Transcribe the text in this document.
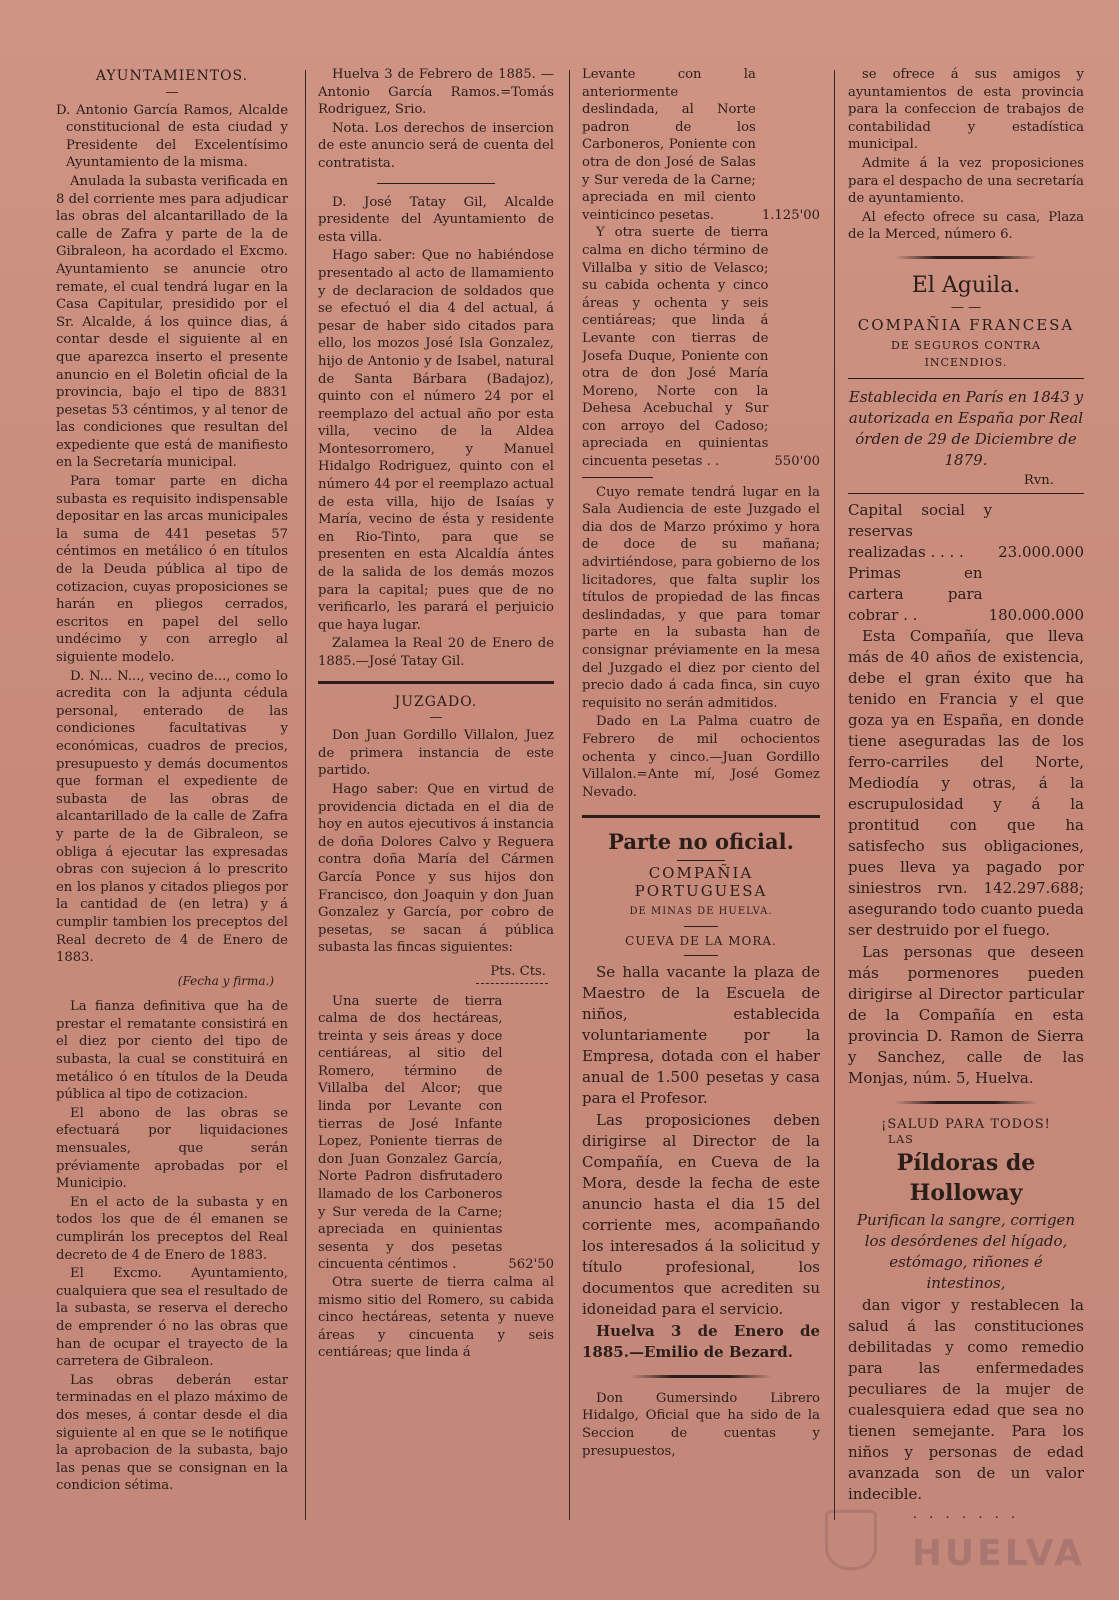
AYUNTAMIENTOS.
—

D. Antonio García Ramos, Alcalde constitucional de esta ciudad y Presidente del Excelentísimo Ayuntamiento de la misma.

Anulada la subasta verificada en 8 del corriente mes para adjudicar las obras del alcantarillado de la calle de Zafra y parte de la de Gibraleon, ha acordado el Excmo. Ayuntamiento se anuncie otro remate, el cual tendrá lugar en la Casa Capitular, presidido por el Sr. Alcalde, á los quince dias, á contar desde el siguiente al en que aparezca inserto el presente anuncio en el Boletin oficial de la provincia, bajo el tipo de 8831 pesetas 53 céntimos, y al tenor de las condiciones que resultan del expediente que está de manifiesto en la Secretaría municipal.

Para tomar parte en dicha subasta es requisito indispensable depositar en las arcas municipales la suma de 441 pesetas 57 céntimos en metálico ó en títulos de la Deuda pública al tipo de cotizacion, cuyas proposiciones se harán en pliegos cerrados, escritos en papel del sello undécimo y con arreglo al siguiente modelo.

D. N... N..., vecino de..., como lo acredita con la adjunta cédula personal, enterado de las condiciones facultativas y económicas, cuadros de precios, presupuesto y demás documentos que forman el expediente de subasta de las obras de alcantarillado de la calle de Zafra y parte de la de Gibraleon, se obliga á ejecutar las expresadas obras con sujecion á lo prescrito en los planos y citados pliegos por la cantidad de (en letra) y á cumplir tambien los preceptos del Real decreto de 4 de Enero de 1883.

(Fecha y firma.)

La fianza definitiva que ha de prestar el rematante consistirá en el diez por ciento del tipo de subasta, la cual se constituirá en metálico ó en títulos de la Deuda pública al tipo de cotizacion.

El abono de las obras se efectuará por liquidaciones mensuales, que serán préviamente aprobadas por el Municipio.

En el acto de la subasta y en todos los que de él emanen se cumplirán los preceptos del Real decreto de 4 de Enero de 1883.

El Excmo. Ayuntamiento, cualquiera que sea el resultado de la subasta, se reserva el derecho de emprender ó no las obras que han de ocupar el trayecto de la carretera de Gibraleon.

Las obras deberán estar terminadas en el plazo máximo de dos meses, á contar desde el dia siguiente al en que se le notifique la aprobacion de la subasta, bajo las penas que se consignan en la condicion sétima.

Huelva 3 de Febrero de 1885. —Antonio García Ramos.=Tomás Rodriguez, Srio.

Nota. Los derechos de insercion de este anuncio será de cuenta del contratista.

D. José Tatay Gil, Alcalde presidente del Ayuntamiento de esta villa.

Hago saber: Que no habiéndose presentado al acto de llamamiento y de declaracion de soldados que se efectuó el dia 4 del actual, á pesar de haber sido citados para ello, los mozos José Isla Gonzalez, hijo de Antonio y de Isabel, natural de Santa Bárbara (Badajoz), quinto con el número 24 por el reemplazo del actual año por esta villa, vecino de la Aldea Montesorromero, y Manuel Hidalgo Rodriguez, quinto con el número 44 por el reemplazo actual de esta villa, hijo de Isaías y María, vecino de ésta y residente en Rio-Tinto, para que se presenten en esta Alcaldía ántes de la salida de los demás mozos para la capital; pues que de no verificarlo, les parará el perjuicio que haya lugar.

Zalamea la Real 20 de Enero de 1885.—José Tatay Gil.

JUZGADO.
—

Don Juan Gordillo Villalon, Juez de primera instancia de este partido.

Hago saber: Que en virtud de providencia dictada en el dia de hoy en autos ejecutivos á instancia de doña Dolores Calvo y Reguera contra doña María del Cármen García Ponce y sus hijos don Francisco, don Joaquin y don Juan Gonzalez y García, por cobro de pesetas, se sacan á pública subasta las fincas siguientes:

Pts. Cts.
Una suerte de tierra calma de dos hectáreas, treinta y seis áreas y doce centiáreas, al sitio del Romero, término de Villalba del Alcor; que linda por Levante con tierras de José Infante Lopez, Poniente tierras de don Juan Gonzalez García, Norte Padron disfrutadero llamado de los Carboneros y Sur vereda de la Carne; apreciada en quinientas sesenta y dos pesetas cincuenta céntimos .	562'50

Otra suerte de tierra calma al mismo sitio del Romero, su cabida cinco hectáreas, setenta y nueve áreas y cincuenta y seis centiáreas; que linda á

Levante con la anteriormente deslindada, al Norte padron de los Carboneros, Poniente con otra de don José de Salas y Sur vereda de la Carne; apreciada en mil ciento veinticinco pesetas.	1.125'00
Y otra suerte de tierra calma en dicho término de Villalba y sitio de Velasco; su cabida ochenta y cinco áreas y ochenta y seis centiáreas; que linda á Levante con tierras de Josefa Duque, Poniente con otra de don José María Moreno, Norte con la Dehesa Acebuchal y Sur con arroyo del Cadoso; apreciada en quinientas cincuenta pesetas . .	550'00

Cuyo remate tendrá lugar en la Sala Audiencia de este Juzgado el dia dos de Marzo próximo y hora de doce de su mañana; advirtiéndose, para gobierno de los licitadores, que falta suplir los títulos de propiedad de las fincas deslindadas, y que para tomar parte en la subasta han de consignar préviamente en la mesa del Juzgado el diez por ciento del precio dado á cada finca, sin cuyo requisito no serán admitidos.

Dado en La Palma cuatro de Febrero de mil ochocientos ochenta y cinco.—Juan Gordillo Villalon.=Ante mí, José Gomez Nevado.

Parte no oficial.
COMPAÑIA PORTUGUESA
DE MINAS DE HUELVA.
CUEVA DE LA MORA.

Se halla vacante la plaza de Maestro de la Escuela de niños, establecida voluntariamente por la Empresa, dotada con el haber anual de 1.500 pesetas y casa para el Profesor.

Las proposiciones deben dirigirse al Director de la Compañía, en Cueva de la Mora, desde la fecha de este anuncio hasta el dia 15 del corriente mes, acompañando los interesados á la solicitud y título profesional, los documentos que acrediten su idoneidad para el servicio.

Huelva 3 de Enero de 1885.—Emilio de Bezard.

Don Gumersindo Librero Hidalgo, Oficial que ha sido de la Seccion de cuentas y presupuestos,

se ofrece á sus amigos y ayuntamientos de esta provincia para la confeccion de trabajos de contabilidad y estadística municipal.

Admite á la vez proposiciones para el despacho de una secretaría de ayuntamiento.

Al efecto ofrece su casa, Plaza de la Merced, número 6.

El Aguila.
— —
COMPAÑIA FRANCESA
DE SEGUROS CONTRA INCENDIOS.

Establecida en París en 1843 y autorizada en España por Real órden de 29 de Diciembre de 1879.

Rvn.
Capital social y reservas realizadas . . . .	23.000.000
Primas en cartera para cobrar . .	180.000.000

Esta Compañía, que lleva más de 40 años de existencia, debe el gran éxito que ha tenido en Francia y el que goza ya en España, en donde tiene aseguradas las de los ferro-carriles del Norte, Mediodía y otras, á la escrupulosidad y á la prontitud con que ha satisfecho sus obligaciones, pues lleva ya pagado por siniestros rvn. 142.297.688; asegurando todo cuanto pueda ser destruido por el fuego.

Las personas que deseen más pormenores pueden dirigirse al Director particular de la Compañía en esta provincia D. Ramon de Sierra y Sanchez, calle de las Monjas, núm. 5, Huelva.

¡SALUD PARA TODOS!
LAS
Píldoras de Holloway

Purifican la sangre, corrigen los desórdenes del hígado, estómago, riñones é intestinos,

dan vigor y restablecen la salud á las constituciones debilitadas y como remedio para las enfermedades peculiares de la mujer de cualesquiera edad que sea no tienen semejante. Para los niños y personas de edad avanzada son de un valor indecible.

. . . . . . .

HUELVA
